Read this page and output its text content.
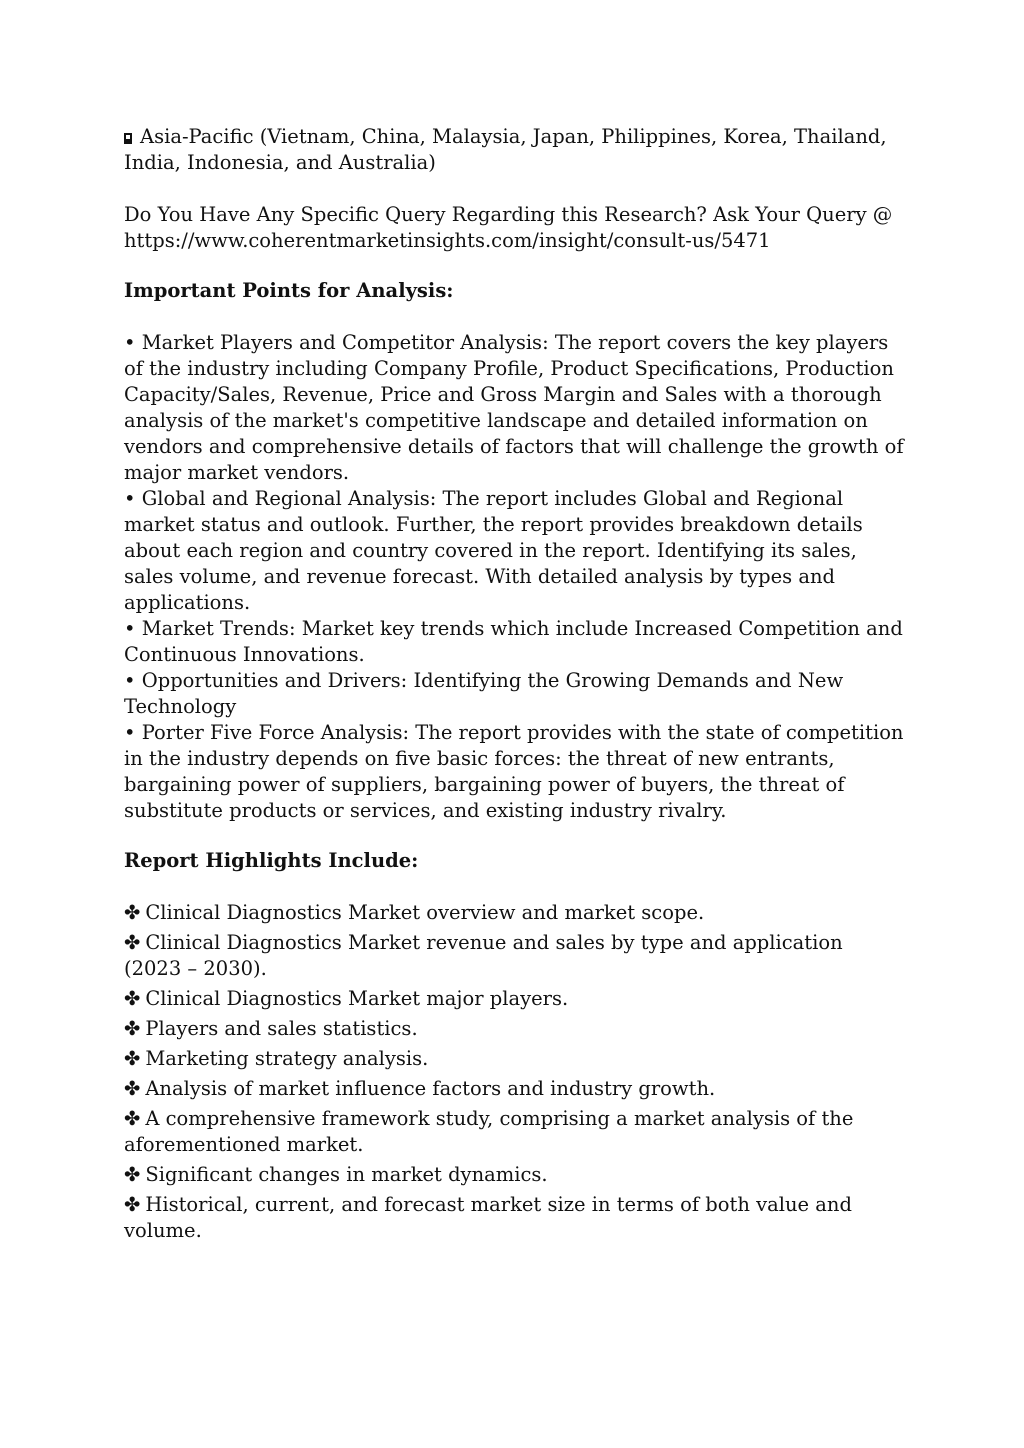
Asia-Pacific (Vietnam, China, Malaysia, Japan, Philippines, Korea, Thailand, India, Indonesia, and Australia)

Do You Have Any Specific Query Regarding this Research? Ask Your Query @ https://www.coherentmarketinsights.com/insight/consult-us/5471

Important Points for Analysis:

• Market Players and Competitor Analysis: The report covers the key players of the industry including Company Profile, Product Specifications, Production Capacity/Sales, Revenue, Price and Gross Margin and Sales with a thorough analysis of the market's competitive landscape and detailed information on vendors and comprehensive details of factors that will challenge the growth of major market vendors.

• Global and Regional Analysis: The report includes Global and Regional market status and outlook. Further, the report provides breakdown details about each region and country covered in the report. Identifying its sales, sales volume, and revenue forecast. With detailed analysis by types and applications.

• Market Trends: Market key trends which include Increased Competition and Continuous Innovations.

• Opportunities and Drivers: Identifying the Growing Demands and New Technology

• Porter Five Force Analysis: The report provides with the state of competition in the industry depends on five basic forces: the threat of new entrants, bargaining power of suppliers, bargaining power of buyers, the threat of substitute products or services, and existing industry rivalry.

Report Highlights Include:

✤ Clinical Diagnostics Market overview and market scope.
✤ Clinical Diagnostics Market revenue and sales by type and application (2023 – 2030).
✤ Clinical Diagnostics Market major players.
✤ Players and sales statistics.
✤ Marketing strategy analysis.
✤ Analysis of market influence factors and industry growth.
✤ A comprehensive framework study, comprising a market analysis of the aforementioned market.
✤ Significant changes in market dynamics.
✤ Historical, current, and forecast market size in terms of both value and volume.
